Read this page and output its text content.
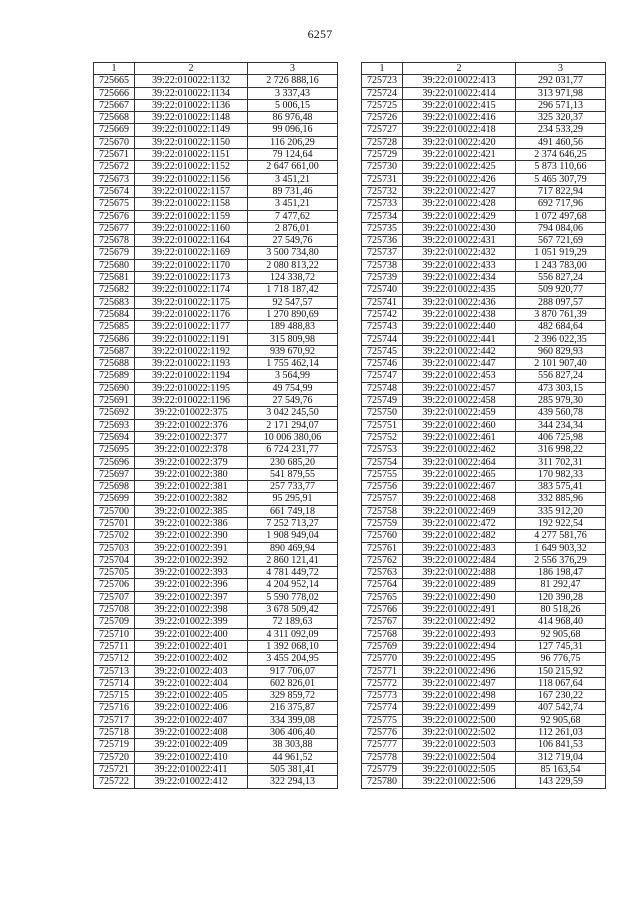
6257
1	2	3
725665	39:22:010022:1132	2 726 888,16
725666	39:22:010022:1134	3 337,43
725667	39:22:010022:1136	5 006,15
725668	39:22:010022:1148	86 976,48
725669	39:22:010022:1149	99 096,16
725670	39:22:010022:1150	116 206,29
725671	39:22:010022:1151	79 124,64
725672	39:22:010022:1152	2 647 661,00
725673	39:22:010022:1156	3 451,21
725674	39:22:010022:1157	89 731,46
725675	39:22:010022:1158	3 451,21
725676	39:22:010022:1159	7 477,62
725677	39:22:010022:1160	2 876,01
725678	39:22:010022:1164	27 549,76
725679	39:22:010022:1169	3 500 734,80
725680	39:22:010022:1170	2 080 813,22
725681	39:22:010022:1173	124 338,72
725682	39:22:010022:1174	1 718 187,42
725683	39:22:010022:1175	92 547,57
725684	39:22:010022:1176	1 270 890,69
725685	39:22:010022:1177	189 488,83
725686	39:22:010022:1191	315 809,98
725687	39:22:010022:1192	939 670,92
725688	39:22:010022:1193	1 755 462,14
725689	39:22:010022:1194	3 564,99
725690	39:22:010022:1195	49 754,99
725691	39:22:010022:1196	27 549,76
725692	39:22:010022:375	3 042 245,50
725693	39:22:010022:376	2 171 294,07
725694	39:22:010022:377	10 006 380,06
725695	39:22:010022:378	6 724 231,77
725696	39:22:010022:379	230 685,20
725697	39:22:010022:380	541 879,55
725698	39:22:010022:381	257 733,77
725699	39:22:010022:382	95 295,91
725700	39:22:010022:385	661 749,18
725701	39:22:010022:386	7 252 713,27
725702	39:22:010022:390	1 908 949,04
725703	39:22:010022:391	890 469,94
725704	39:22:010022:392	2 860 121,41
725705	39:22:010022:393	4 781 449,72
725706	39:22:010022:396	4 204 952,14
725707	39:22:010022:397	5 590 778,02
725708	39:22:010022:398	3 678 509,42
725709	39:22:010022:399	72 189,63
725710	39:22:010022:400	4 311 092,09
725711	39:22:010022:401	1 392 068,10
725712	39:22:010022:402	3 455 204,95
725713	39:22:010022:403	917 706,07
725714	39:22:010022:404	602 826,01
725715	39:22:010022:405	329 859,72
725716	39:22:010022:406	216 375,87
725717	39:22:010022:407	334 399,08
725718	39:22:010022:408	306 406,40
725719	39:22:010022:409	38 303,88
725720	39:22:010022:410	44 961,52
725721	39:22:010022:411	505 381,41
725722	39:22:010022:412	322 294,13
1	2	3
725723	39:22:010022:413	292 031,77
725724	39:22:010022:414	313 971,98
725725	39:22:010022:415	296 571,13
725726	39:22:010022:416	325 320,37
725727	39:22:010022:418	234 533,29
725728	39:22:010022:420	491 460,56
725729	39:22:010022:421	2 374 646,25
725730	39:22:010022:425	5 873 110,66
725731	39:22:010022:426	5 465 307,79
725732	39:22:010022:427	717 822,94
725733	39:22:010022:428	692 717,96
725734	39:22:010022:429	1 072 497,68
725735	39:22:010022:430	794 084,06
725736	39:22:010022:431	567 721,69
725737	39:22:010022:432	1 051 919,29
725738	39:22:010022:433	1 243 783,00
725739	39:22:010022:434	556 827,24
725740	39:22:010022:435	509 920,77
725741	39:22:010022:436	288 097,57
725742	39:22:010022:438	3 870 761,39
725743	39:22:010022:440	482 684,64
725744	39:22:010022:441	2 396 022,35
725745	39:22:010022:442	960 829,93
725746	39:22:010022:447	2 101 907,40
725747	39:22:010022:453	556 827,24
725748	39:22:010022:457	473 303,15
725749	39:22:010022:458	285 979,30
725750	39:22:010022:459	439 560,78
725751	39:22:010022:460	344 234,34
725752	39:22:010022:461	406 725,98
725753	39:22:010022:462	316 998,22
725754	39:22:010022:464	311 702,31
725755	39:22:010022:465	170 982,33
725756	39:22:010022:467	383 575,41
725757	39:22:010022:468	332 885,96
725758	39:22:010022:469	335 912,20
725759	39:22:010022:472	192 922,54
725760	39:22:010022:482	4 277 581,76
725761	39:22:010022:483	1 649 903,32
725762	39:22:010022:484	2 556 376,29
725763	39:22:010022:488	186 198,47
725764	39:22:010022:489	81 292,47
725765	39:22:010022:490	120 390,28
725766	39:22:010022:491	80 518,26
725767	39:22:010022:492	414 968,40
725768	39:22:010022:493	92 905,68
725769	39:22:010022:494	127 745,31
725770	39:22:010022:495	96 776,75
725771	39:22:010022:496	150 215,92
725772	39:22:010022:497	118 067,64
725773	39:22:010022:498	167 230,22
725774	39:22:010022:499	407 542,74
725775	39:22:010022:500	92 905,68
725776	39:22:010022:502	112 261,03
725777	39:22:010022:503	106 841,53
725778	39:22:010022:504	312 719,04
725779	39:22:010022:505	85 163,54
725780	39:22:010022:506	143 229,59
